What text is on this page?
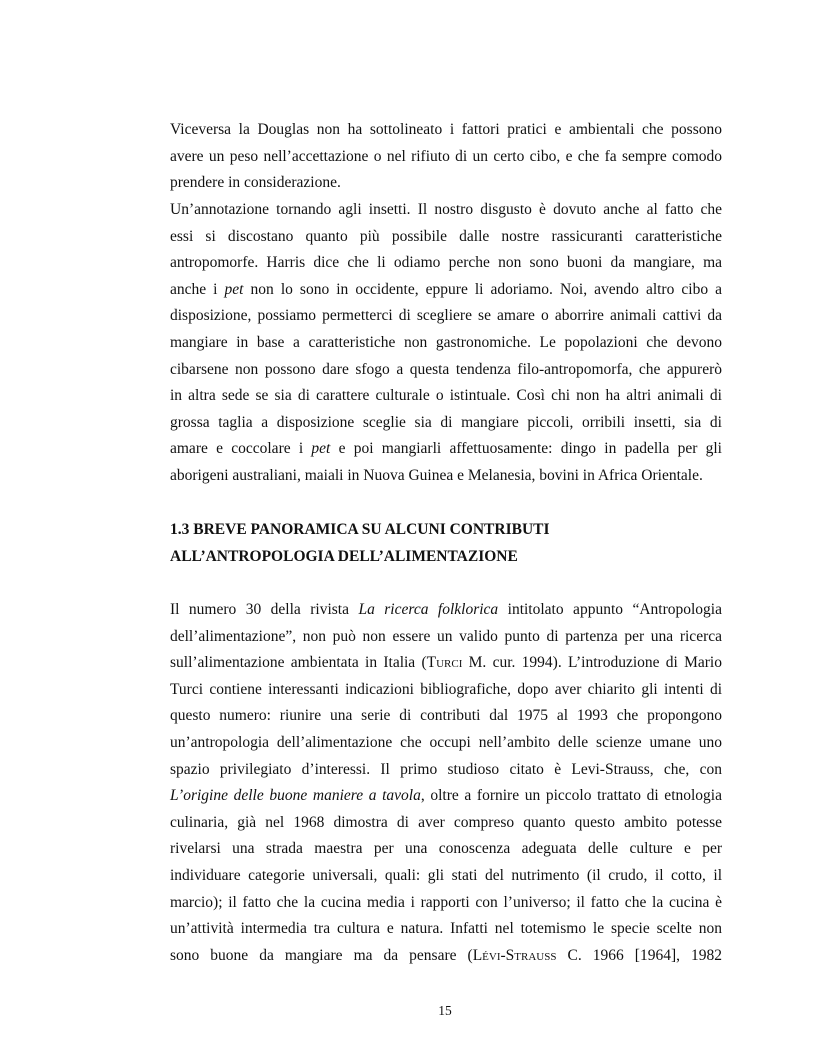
Viceversa la Douglas non ha sottolineato i fattori pratici e ambientali che possono
avere un peso nell’accettazione o nel rifiuto di un certo cibo, e che fa sempre comodo
prendere in considerazione.
Un’annotazione tornando agli insetti. Il nostro disgusto è dovuto anche al fatto che
essi si discostano quanto più possibile dalle nostre rassicuranti caratteristiche
antropomorfe. Harris dice che li odiamo perche non sono buoni da mangiare, ma
anche i pet non lo sono in occidente, eppure li adoriamo. Noi, avendo altro cibo a
disposizione, possiamo permetterci di scegliere se amare o aborrire animali cattivi da
mangiare in base a caratteristiche non gastronomiche. Le popolazioni che devono
cibarsene non possono dare sfogo a questa tendenza filo-antropomorfa, che appurerò
in altra sede se sia di carattere culturale o istintuale. Così chi non ha altri animali di
grossa taglia a disposizione sceglie sia di mangiare piccoli, orribili insetti, sia di
amare e coccolare i pet e poi mangiarli affettuosamente: dingo in padella per gli
aborigeni australiani, maiali in Nuova Guinea e Melanesia, bovini in Africa Orientale.
1.3 BREVE PANORAMICA SU ALCUNI CONTRIBUTI
ALL’ANTROPOLOGIA DELL’ALIMENTAZIONE
Il numero 30 della rivista La ricerca folklorica intitolato appunto “Antropologia
dell’alimentazione”, non può non essere un valido punto di partenza per una ricerca
sull’alimentazione ambientata in Italia (Turci M. cur. 1994). L’introduzione di Mario
Turci contiene interessanti indicazioni bibliografiche, dopo aver chiarito gli intenti di
questo numero: riunire una serie di contributi dal 1975 al 1993 che propongono
un’antropologia dell’alimentazione che occupi nell’ambito delle scienze umane uno
spazio privilegiato d’interessi. Il primo studioso citato è Levi-Strauss, che, con
L’origine delle buone maniere a tavola, oltre a fornire un piccolo trattato di etnologia
culinaria, già nel 1968 dimostra di aver compreso quanto questo ambito potesse
rivelarsi una strada maestra per una conoscenza adeguata delle culture e per
individuare categorie universali, quali: gli stati del nutrimento (il crudo, il cotto, il
marcio); il fatto che la cucina media i rapporti con l’universo; il fatto che la cucina è
un’attività intermedia tra cultura e natura. Infatti nel totemismo le specie scelte non
sono buone da mangiare ma da pensare (Lévi-Strauss C. 1966 [1964], 1982
15
